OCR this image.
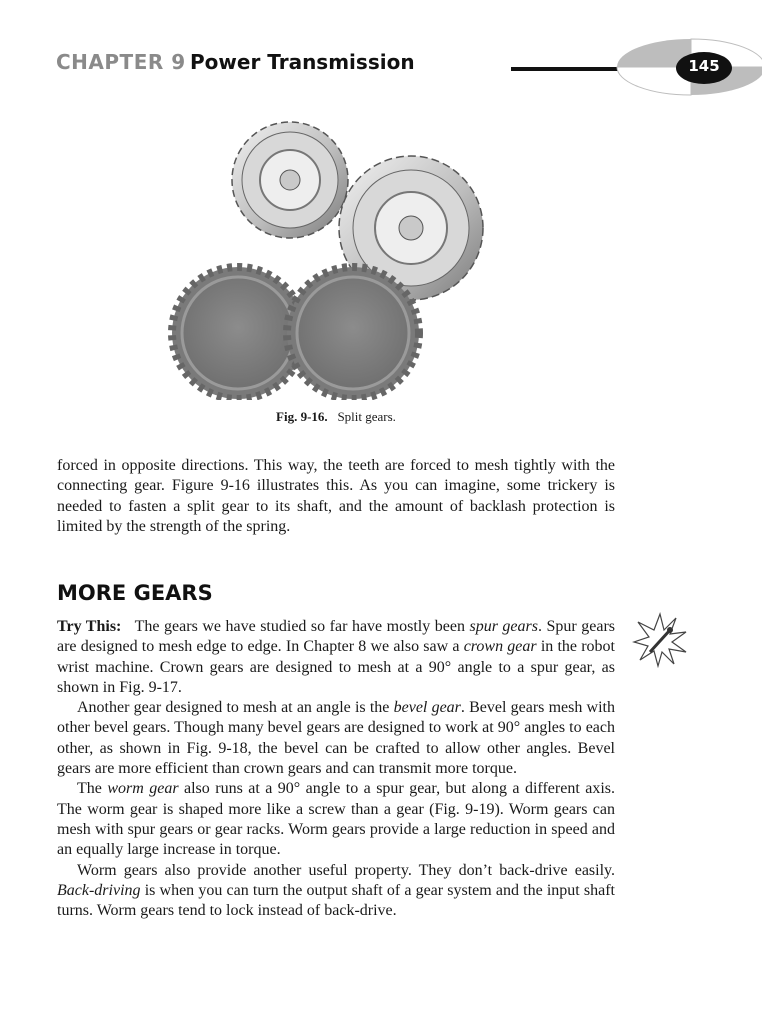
CHAPTER 9 Power Transmission	145
Fig. 9-16. Split gears.

forced in opposite directions. This way, the teeth are forced to mesh tightly with the connecting gear. Figure 9-16 illustrates this. As you can imagine, some trickery is needed to fasten a split gear to its shaft, and the amount of backlash protection is limited by the strength of the spring.

MORE GEARS

Try This: The gears we have studied so far have mostly been spur gears. Spur gears are designed to mesh edge to edge. In Chapter 8 we also saw a crown gear in the robot wrist machine. Crown gears are designed to mesh at a 90° angle to a spur gear, as shown in Fig. 9-17.

Another gear designed to mesh at an angle is the bevel gear. Bevel gears mesh with other bevel gears. Though many bevel gears are designed to work at 90° angles to each other, as shown in Fig. 9-18, the bevel can be crafted to allow other angles. Bevel gears are more efficient than crown gears and can transmit more torque.

The worm gear also runs at a 90° angle to a spur gear, but along a different axis. The worm gear is shaped more like a screw than a gear (Fig. 9-19). Worm gears can mesh with spur gears or gear racks. Worm gears provide a large reduction in speed and an equally large increase in torque.

Worm gears also provide another useful property. They don’t back-drive easily. Back-driving is when you can turn the output shaft of a gear system and the input shaft turns. Worm gears tend to lock instead of back-drive.
